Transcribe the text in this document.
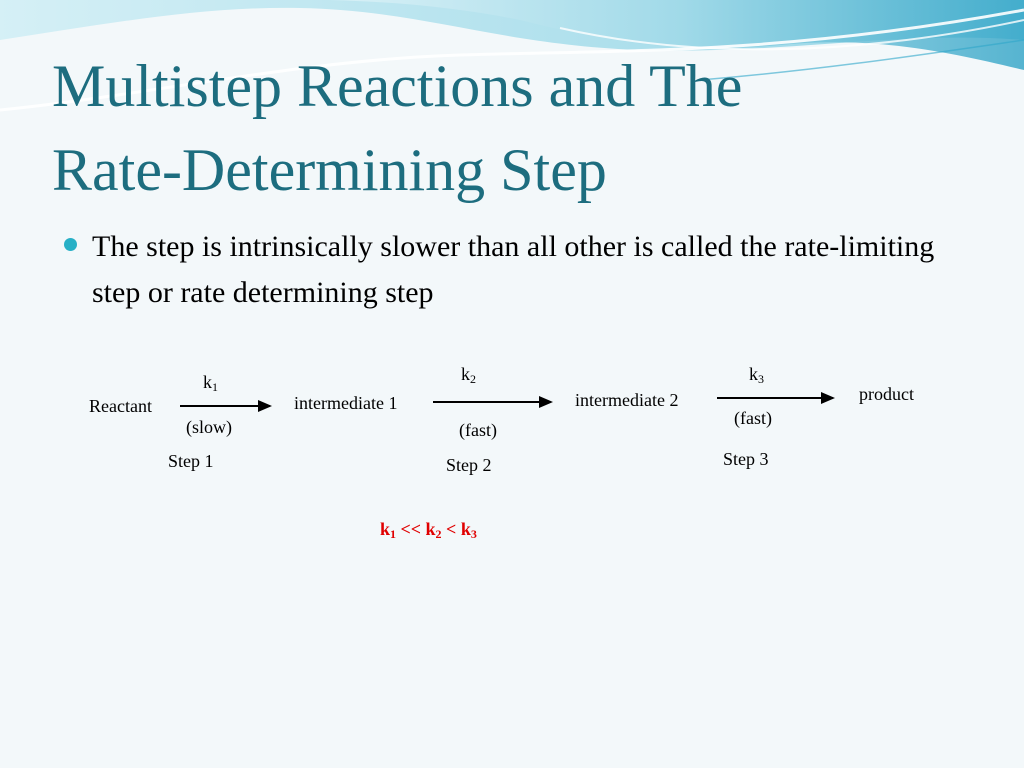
Multistep Reactions and The
Rate-Determining Step
The step is intrinsically slower than all other is called the rate-limiting step or rate determining step
Reactant
$k_1$
(slow)
Step 1
intermediate 1
$k_2$
(fast)
Step 2
intermediate 2
$k_3$
(fast)
Step 3
product
$k_1 << k_2 < k_3$
